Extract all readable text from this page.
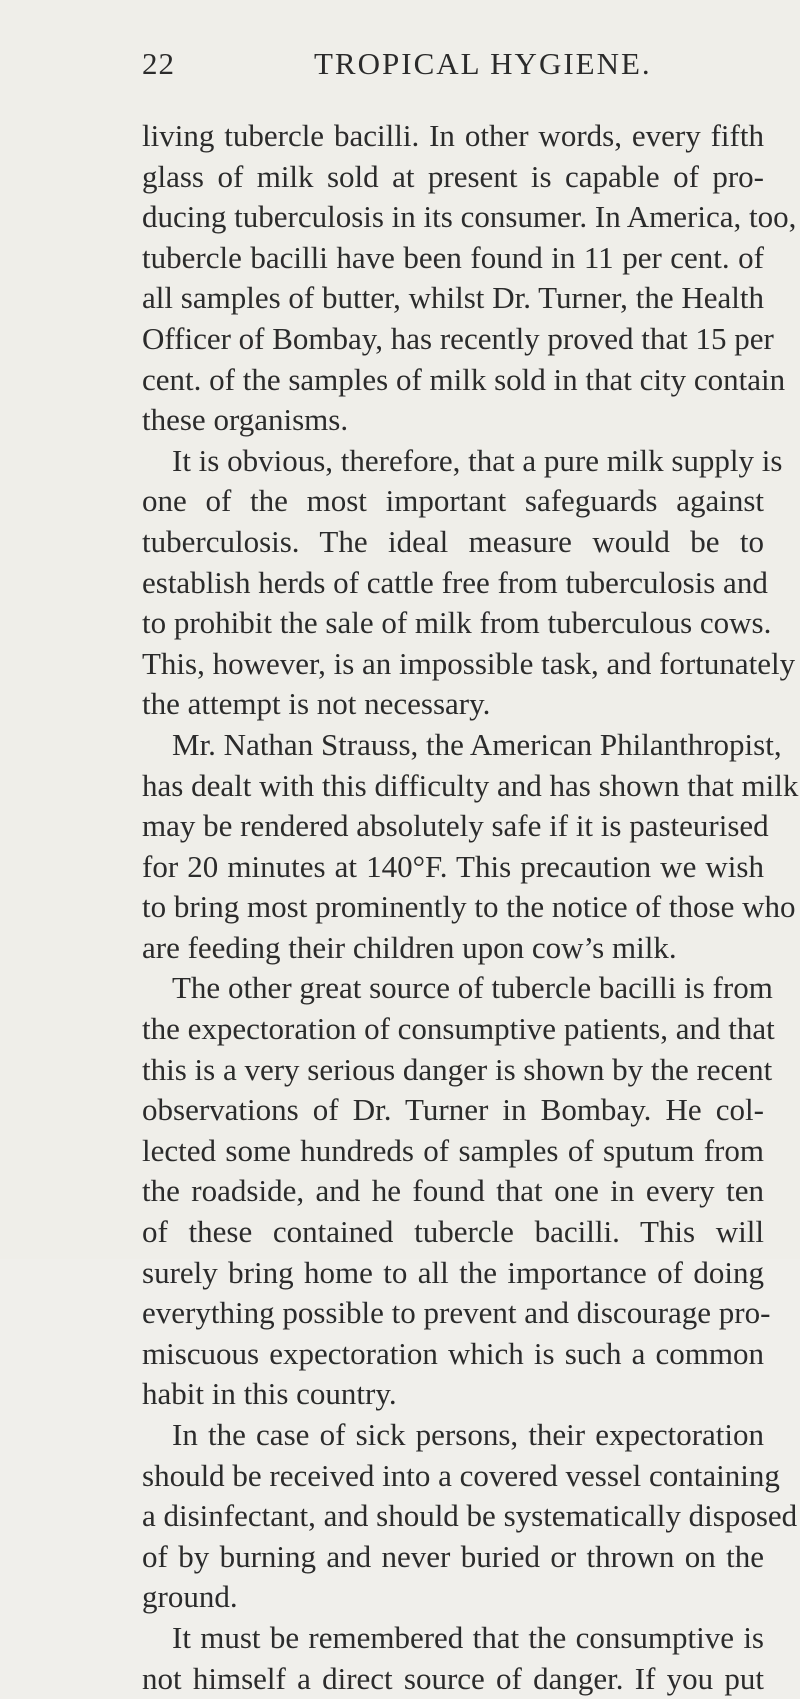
22	TROPICAL HYGIENE.
living tubercle bacilli. In other words, every fifth
glass of milk sold at present is capable of pro-
ducing tuberculosis in its consumer. In America, too,
tubercle bacilli have been found in 11 per cent. of
all samples of butter, whilst Dr. Turner, the Health
Officer of Bombay, has recently proved that 15 per
cent. of the samples of milk sold in that city contain
these organisms.
It is obvious, therefore, that a pure milk supply is
one of the most important safeguards against
tuberculosis. The ideal measure would be to
establish herds of cattle free from tuberculosis and
to prohibit the sale of milk from tuberculous cows.
This, however, is an impossible task, and fortunately
the attempt is not necessary.
Mr. Nathan Strauss, the American Philanthropist,
has dealt with this difficulty and has shown that milk
may be rendered absolutely safe if it is pasteurised
for 20 minutes at 140°F. This precaution we wish
to bring most prominently to the notice of those who
are feeding their children upon cow’s milk.
The other great source of tubercle bacilli is from
the expectoration of consumptive patients, and that
this is a very serious danger is shown by the recent
observations of Dr. Turner in Bombay. He col-
lected some hundreds of samples of sputum from
the roadside, and he found that one in every ten
of these contained tubercle bacilli. This will
surely bring home to all the importance of doing
everything possible to prevent and discourage pro-
miscuous expectoration which is such a common
habit in this country.
In the case of sick persons, their expectoration
should be received into a covered vessel containing
a disinfectant, and should be systematically disposed
of by burning and never buried or thrown on the
ground.
It must be remembered that the consumptive is
not himself a direct source of danger. If you put
